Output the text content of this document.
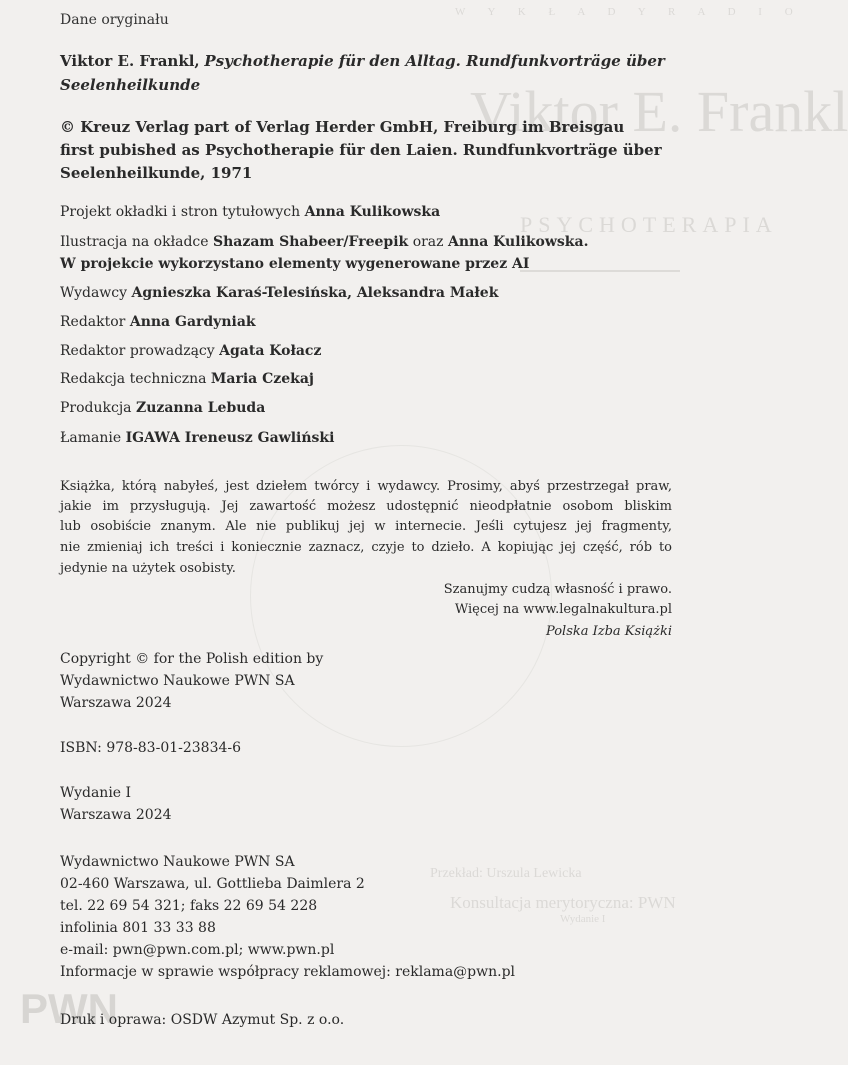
W Y K Ł A D Y R A D I O
Viktor E. Frankl
PSYCHOTERAPIA
Przekład: Urszula Lewicka
Konsultacja merytoryczna: PWN
Wydanie I
PWN
Dane oryginału
Viktor E. Frankl, Psychotherapie für den Alltag. Rundfunkvorträge über
Seelenheilkunde
© Kreuz Verlag part of Verlag Herder GmbH, Freiburg im Breisgau
first pubished as Psychotherapie für den Laien. Rundfunkvorträge über
Seelenheilkunde, 1971
Projekt okładki i stron tytułowych Anna Kulikowska
Ilustracja na okładce Shazam Shabeer/Freepik oraz Anna Kulikowska.
W projekcie wykorzystano elementy wygenerowane przez AI
Wydawcy Agnieszka Karaś-Telesińska, Aleksandra Małek
Redaktor Anna Gardyniak
Redaktor prowadzący Agata Kołacz
Redakcja techniczna Maria Czekaj
Produkcja Zuzanna Lebuda
Łamanie IGAWA Ireneusz Gawliński
Książka, którą nabyłeś, jest dziełem twórcy i wydawcy. Prosimy, abyś przestrzegał praw,
jakie im przysługują. Jej zawartość możesz udostępnić nieodpłatnie osobom bliskim
lub osobiście znanym. Ale nie publikuj jej w internecie. Jeśli cytujesz jej fragmenty,
nie zmieniaj ich treści i koniecznie zaznacz, czyje to dzieło. A kopiując jej część, rób to
jedynie na użytek osobisty.
Szanujmy cudzą własność i prawo.
Więcej na www.legalnakultura.pl
Polska Izba Książki
Copyright © for the Polish edition by
Wydawnictwo Naukowe PWN SA
Warszawa 2024
ISBN: 978-83-01-23834-6
Wydanie I
Warszawa 2024
Wydawnictwo Naukowe PWN SA
02-460 Warszawa, ul. Gottlieba Daimlera 2
tel. 22 69 54 321; faks 22 69 54 228
infolinia 801 33 33 88
e-mail: pwn@pwn.com.pl; www.pwn.pl
Informacje w sprawie współpracy reklamowej: reklama@pwn.pl
Druk i oprawa: OSDW Azymut Sp. z o.o.
